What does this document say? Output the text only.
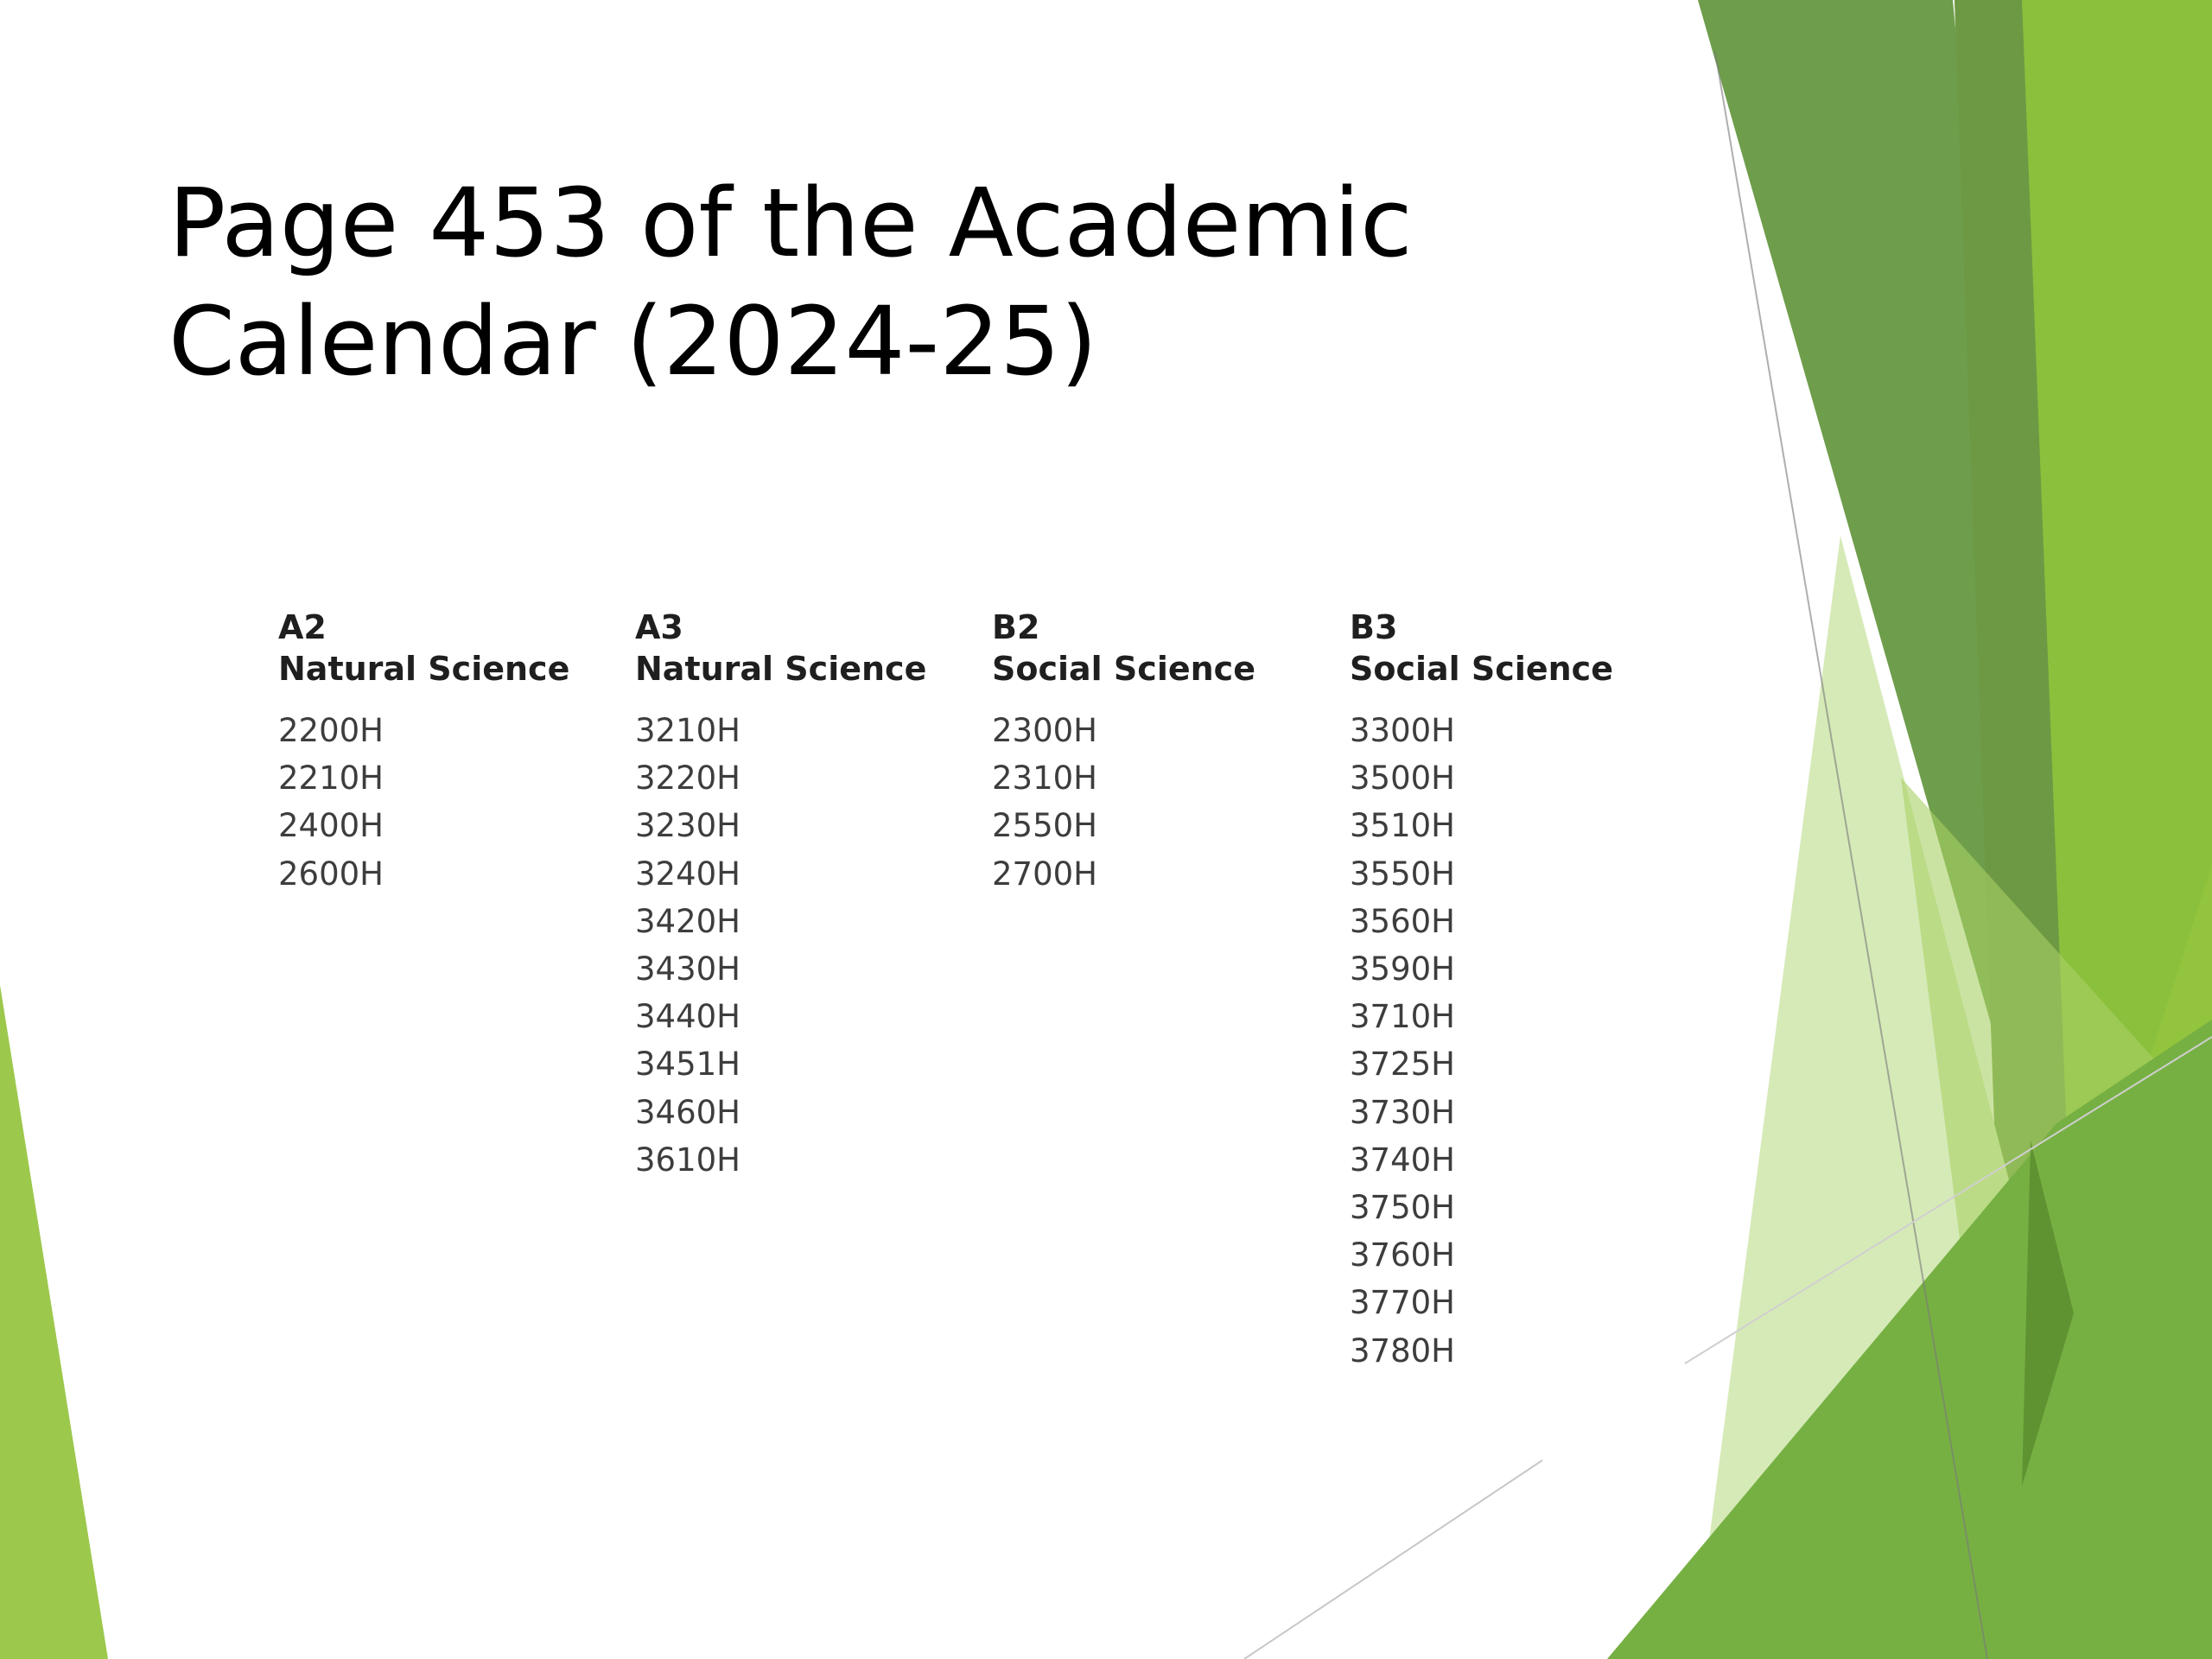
Page 453 of the Academic
Calendar (2024-25)
A2
Natural Science
2200H
2210H
2400H
2600H
A3
Natural Science
3210H
3220H
3230H
3240H
3420H
3430H
3440H
3451H
3460H
3610H
B2
Social Science
2300H
2310H
2550H
2700H
B3
Social Science
3300H
3500H
3510H
3550H
3560H
3590H
3710H
3725H
3730H
3740H
3750H
3760H
3770H
3780H
